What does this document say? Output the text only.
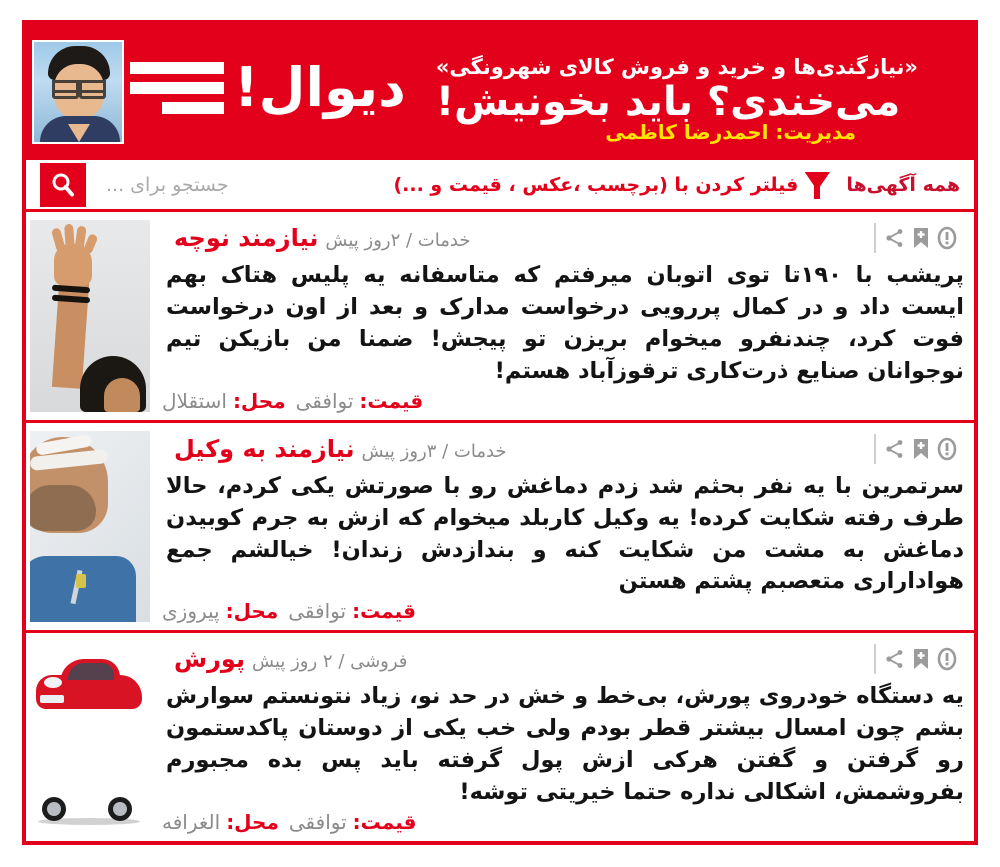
«نیازگندی‌ها و خرید و فروش کالای شهرونگی»
می‌خندی؟ باید بخونیش!
دیوال!
مدیریت: احمدرضا کاظمی
همه آگهی‌ها
فیلتر کردن با (برچسب ،عکس ، قیمت و ...)
جستجو برای ...
خدمات / ۲روز پیش
نیازمند نوچه
پریشب با ۱۹۰تا توی اتوبان میرفتم که متاسفانه یه پلیس هتاک بهم ایست داد و در کمال پررویی درخواست مدارک و بعد از اون درخواست فوت کرد، چندنفرو میخوام بریزن تو پیجش! ضمنا من بازیکن تیم نوجوانان صنایع ذرت‌کاری ترقوزآباد هستم!
قیمت:
توافقی
محل:
استقلال
خدمات / ۳روز پیش
نیازمند به وکیل
سرتمرین با یه نفر بحثم شد زدم دماغش رو با صورتش یکی کردم، حالا طرف رفته شکایت کرده! یه وکیل کاربلد میخوام که ازش به جرم کوبیدن دماغش به مشت من شکایت کنه و بندازدش زندان! خیالشم جمع هواداراری متعصبم پشتم هستن
قیمت:
توافقی
محل:
پیروزی
فروشی / ۲ روز پیش
پورش
یه دستگاه خودروی پورش، بی‌خط و خش در حد نو، زیاد نتونستم سوارش بشم چون امسال بیشتر قطر بودم ولی خب یکی از دوستان پاکدستمون رو گرفتن و گفتن هرکی ازش پول گرفته باید پس بده مجبورم بفروشمش، اشکالی نداره حتما خیریتی توشه!
قیمت:
توافقی
محل:
الغرافه
